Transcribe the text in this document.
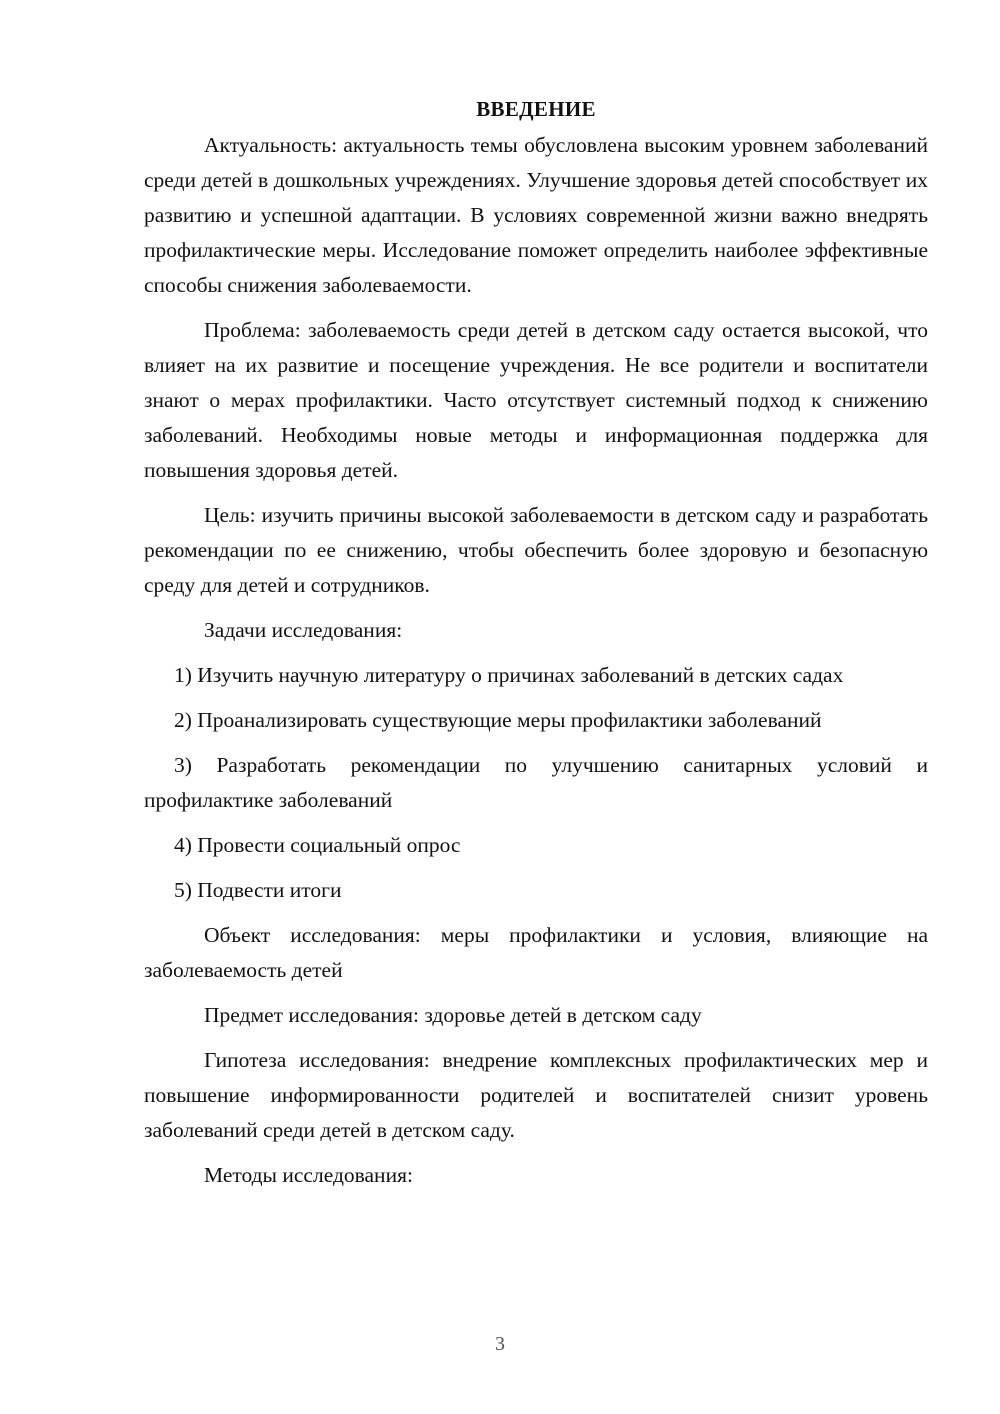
ВВЕДЕНИЕ

Актуальность: актуальность темы обусловлена высоким уровнем заболеваний среди детей в дошкольных учреждениях. Улучшение здоровья детей способствует их развитию и успешной адаптации. В условиях современной жизни важно внедрять профилактические меры. Исследование поможет определить наиболее эффективные способы снижения заболеваемости.

Проблема: заболеваемость среди детей в детском саду остается высокой, что влияет на их развитие и посещение учреждения. Не все родители и воспитатели знают о мерах профилактики. Часто отсутствует системный подход к снижению заболеваний. Необходимы новые методы и информационная поддержка для повышения здоровья детей.

Цель: изучить причины высокой заболеваемости в детском саду и разработать рекомендации по ее снижению, чтобы обеспечить более здоровую и безопасную среду для детей и сотрудников.

Задачи исследования:

1) Изучить научную литературу о причинах заболеваний в детских садах

2) Проанализировать существующие меры профилактики заболеваний

3) Разработать рекомендации по улучшению санитарных условий и профилактике заболеваний

4) Провести социальный опрос

5) Подвести итоги

Объект исследования: меры профилактики и условия, влияющие на заболеваемость детей

Предмет исследования: здоровье детей в детском саду

Гипотеза исследования: внедрение комплексных профилактических мер и повышение информированности родителей и воспитателей снизит уровень заболеваний среди детей в детском саду.

Методы исследования:

3
